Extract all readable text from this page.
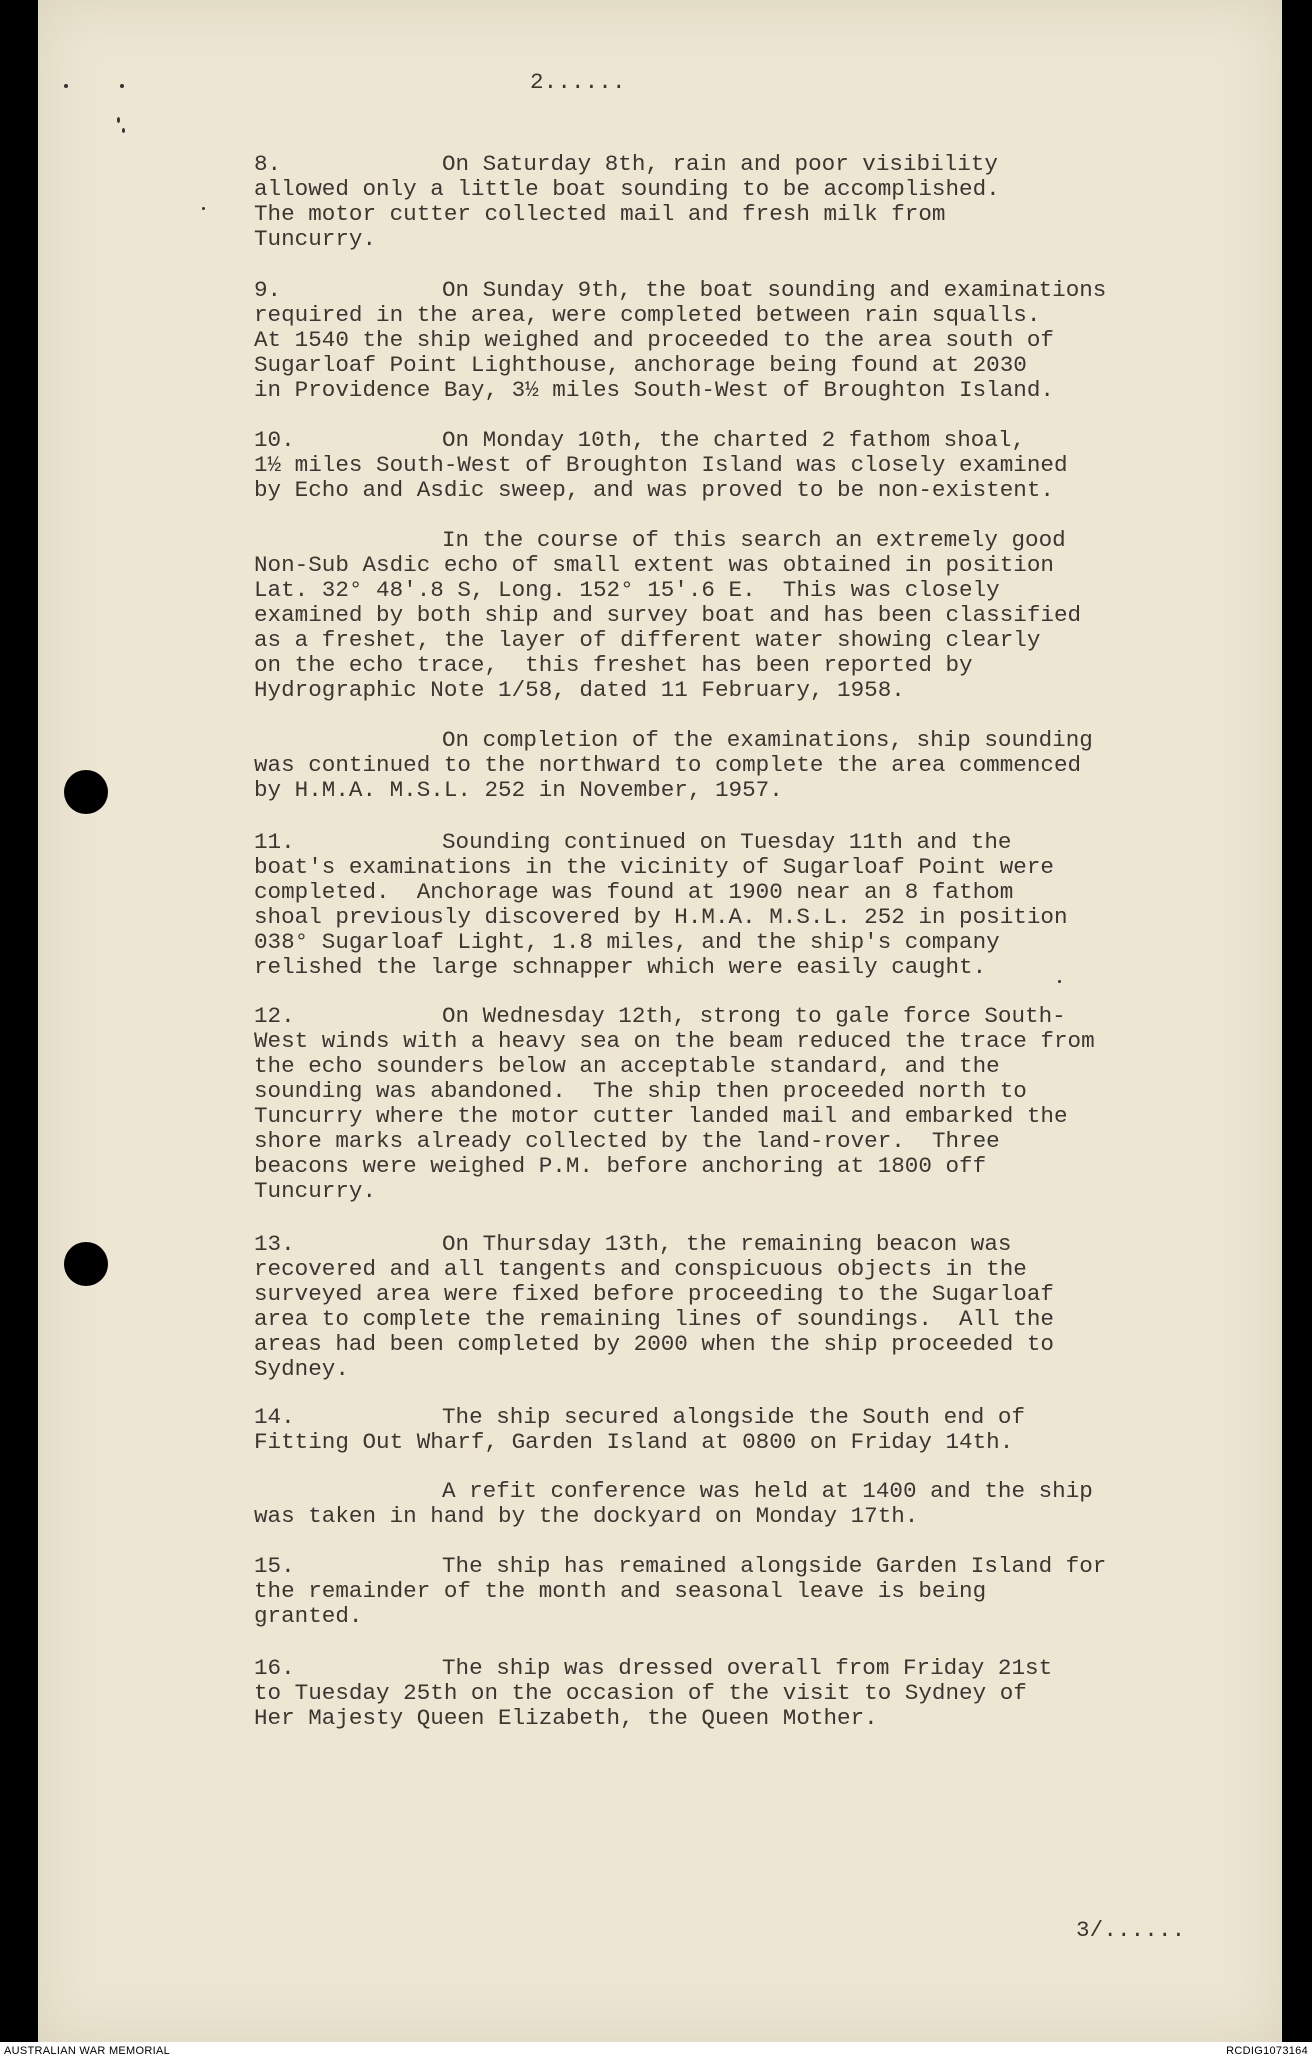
2......
8.	On Saturday 8th, rain and poor visibility
allowed only a little boat sounding to be accomplished.
The motor cutter collected mail and fresh milk from
Tuncurry.
9.	On Sunday 9th, the boat sounding and examinations
required in the area, were completed between rain squalls.
At 1540 the ship weighed and proceeded to the area south of
Sugarloaf Point Lighthouse, anchorage being found at 2030
in Providence Bay, 3½ miles South-West of Broughton Island.
10.	On Monday 10th, the charted 2 fathom shoal,
1½ miles South-West of Broughton Island was closely examined
by Echo and Asdic sweep, and was proved to be non-existent.
In the course of this search an extremely good
Non-Sub Asdic echo of small extent was obtained in position
Lat. 32° 48'.8 S, Long. 152° 15'.6 E.  This was closely
examined by both ship and survey boat and has been classified
as a freshet, the layer of different water showing clearly
on the echo trace,  this freshet has been reported by
Hydrographic Note 1/58, dated 11 February, 1958.
On completion of the examinations, ship sounding
was continued to the northward to complete the area commenced
by H.M.A. M.S.L. 252 in November, 1957.
11.	Sounding continued on Tuesday 11th and the
boat's examinations in the vicinity of Sugarloaf Point were
completed.  Anchorage was found at 1900 near an 8 fathom
shoal previously discovered by H.M.A. M.S.L. 252 in position
038° Sugarloaf Light, 1.8 miles, and the ship's company
relished the large schnapper which were easily caught.
12.	On Wednesday 12th, strong to gale force South-
West winds with a heavy sea on the beam reduced the trace from
the echo sounders below an acceptable standard, and the
sounding was abandoned.  The ship then proceeded north to
Tuncurry where the motor cutter landed mail and embarked the
shore marks already collected by the land-rover.  Three
beacons were weighed P.M. before anchoring at 1800 off
Tuncurry.
13.	On Thursday 13th, the remaining beacon was
recovered and all tangents and conspicuous objects in the
surveyed area were fixed before proceeding to the Sugarloaf
area to complete the remaining lines of soundings.  All the
areas had been completed by 2000 when the ship proceeded to
Sydney.
14.	The ship secured alongside the South end of
Fitting Out Wharf, Garden Island at 0800 on Friday 14th.
A refit conference was held at 1400 and the ship
was taken in hand by the dockyard on Monday 17th.
15.	The ship has remained alongside Garden Island for
the remainder of the month and seasonal leave is being
granted.
16.	The ship was dressed overall from Friday 21st
to Tuesday 25th on the occasion of the visit to Sydney of
Her Majesty Queen Elizabeth, the Queen Mother.
3/......
AUSTRALIAN WAR MEMORIAL	RCDIG1073164
